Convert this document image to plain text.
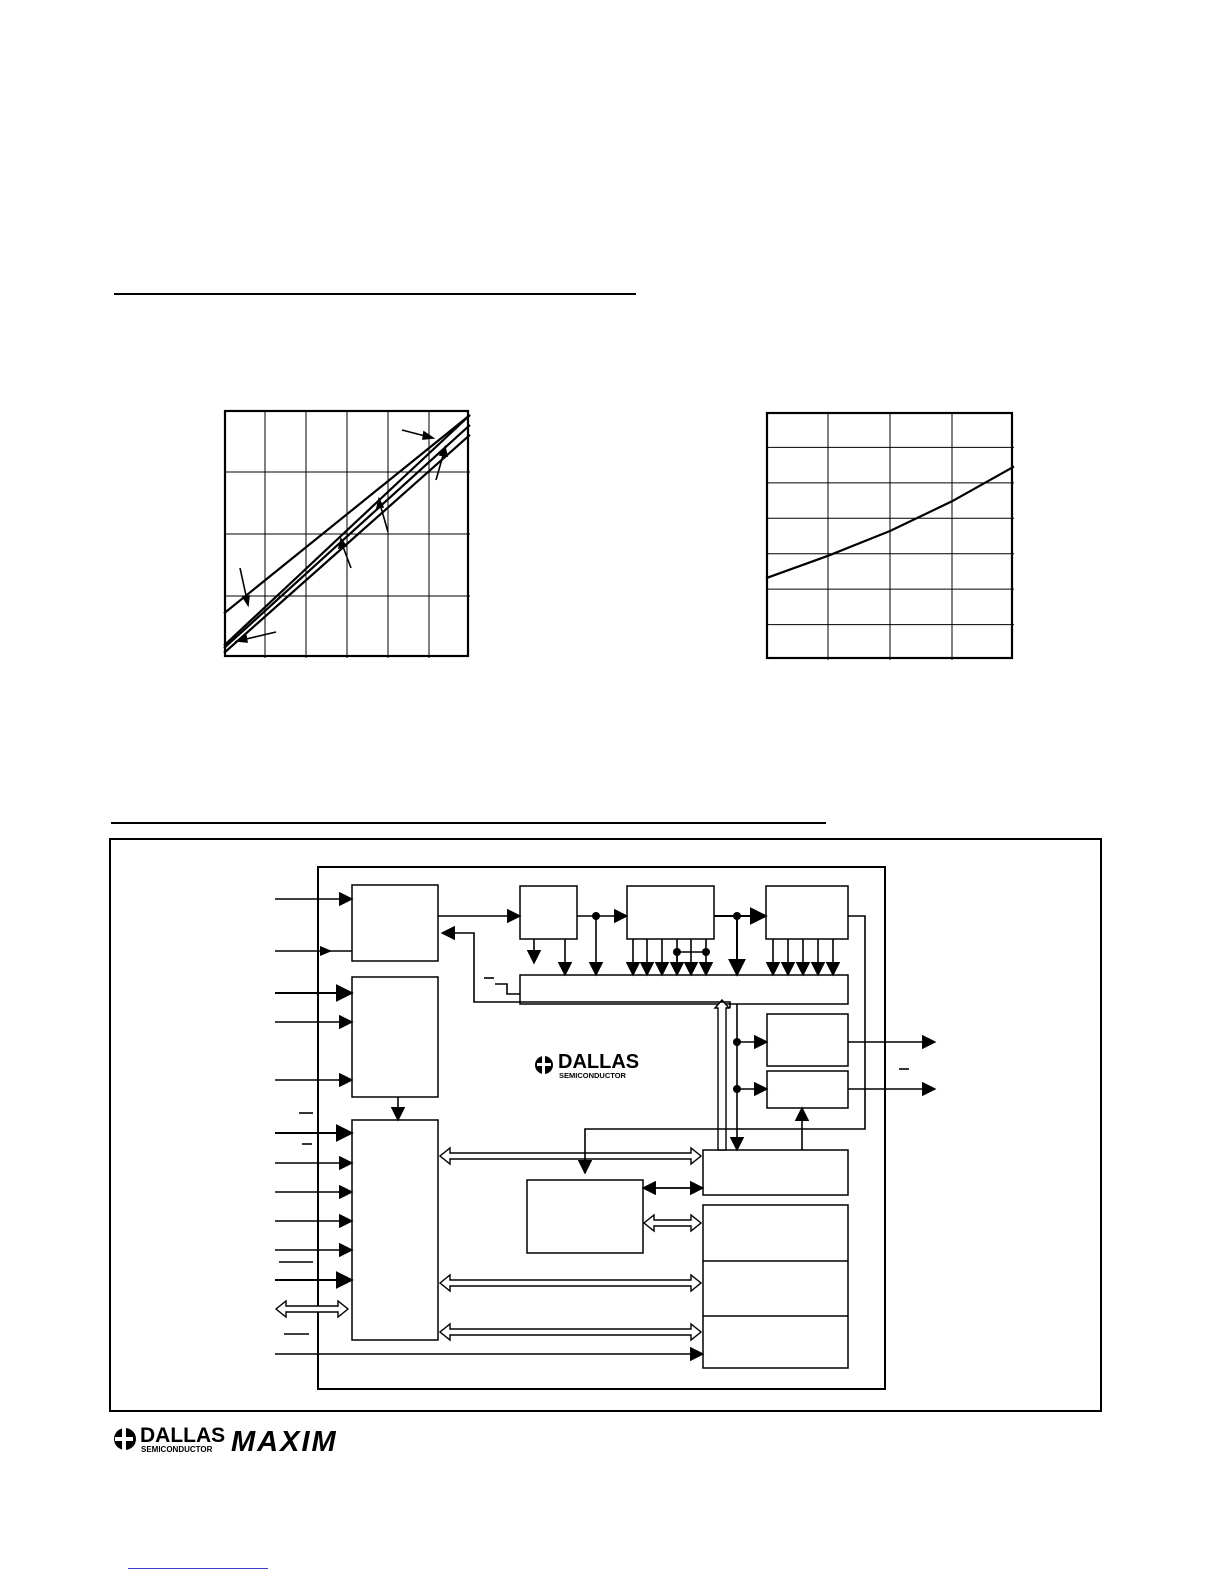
DALLAS
SEMICONDUCTOR
DALLAS
SEMICONDUCTOR MAXIM
